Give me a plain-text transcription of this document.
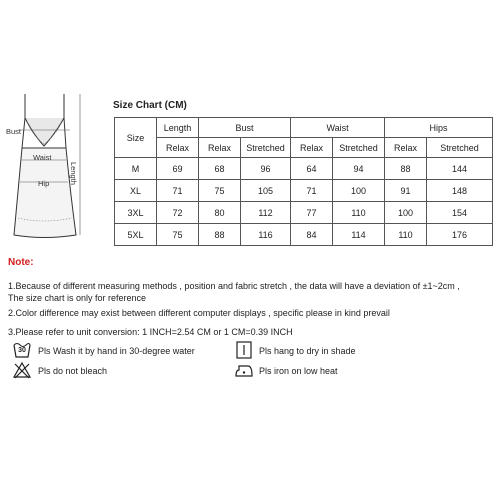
Bust
Waist
Hip	Length
Size Chart (CM)
Size	Length	Bust		Waist		Hips	
	Relax	Relax	Stretched	Relax	Stretched	Relax	Stretched
M	69	68	96	64	94	88	144
XL	71	75	105	71	100	91	148
3XL	72	80	112	77	110	100	154
5XL	75	88	116	84	114	110	176
Note:
1.Because of different measuring methods , position and fabric stretch , the data will have a deviation of ±1~2cm ,
The size chart is only for reference
2.Color difference may exist between different computer displays , specific please in kind prevail
3.Please refer to unit conversion: 1 INCH=2.54 CM or 1 CM=0.39 INCH
30 Pls Wash it by hand in 30-degree water	Pls hang to dry in shade
Pls do not bleach	Pls iron on low heat
